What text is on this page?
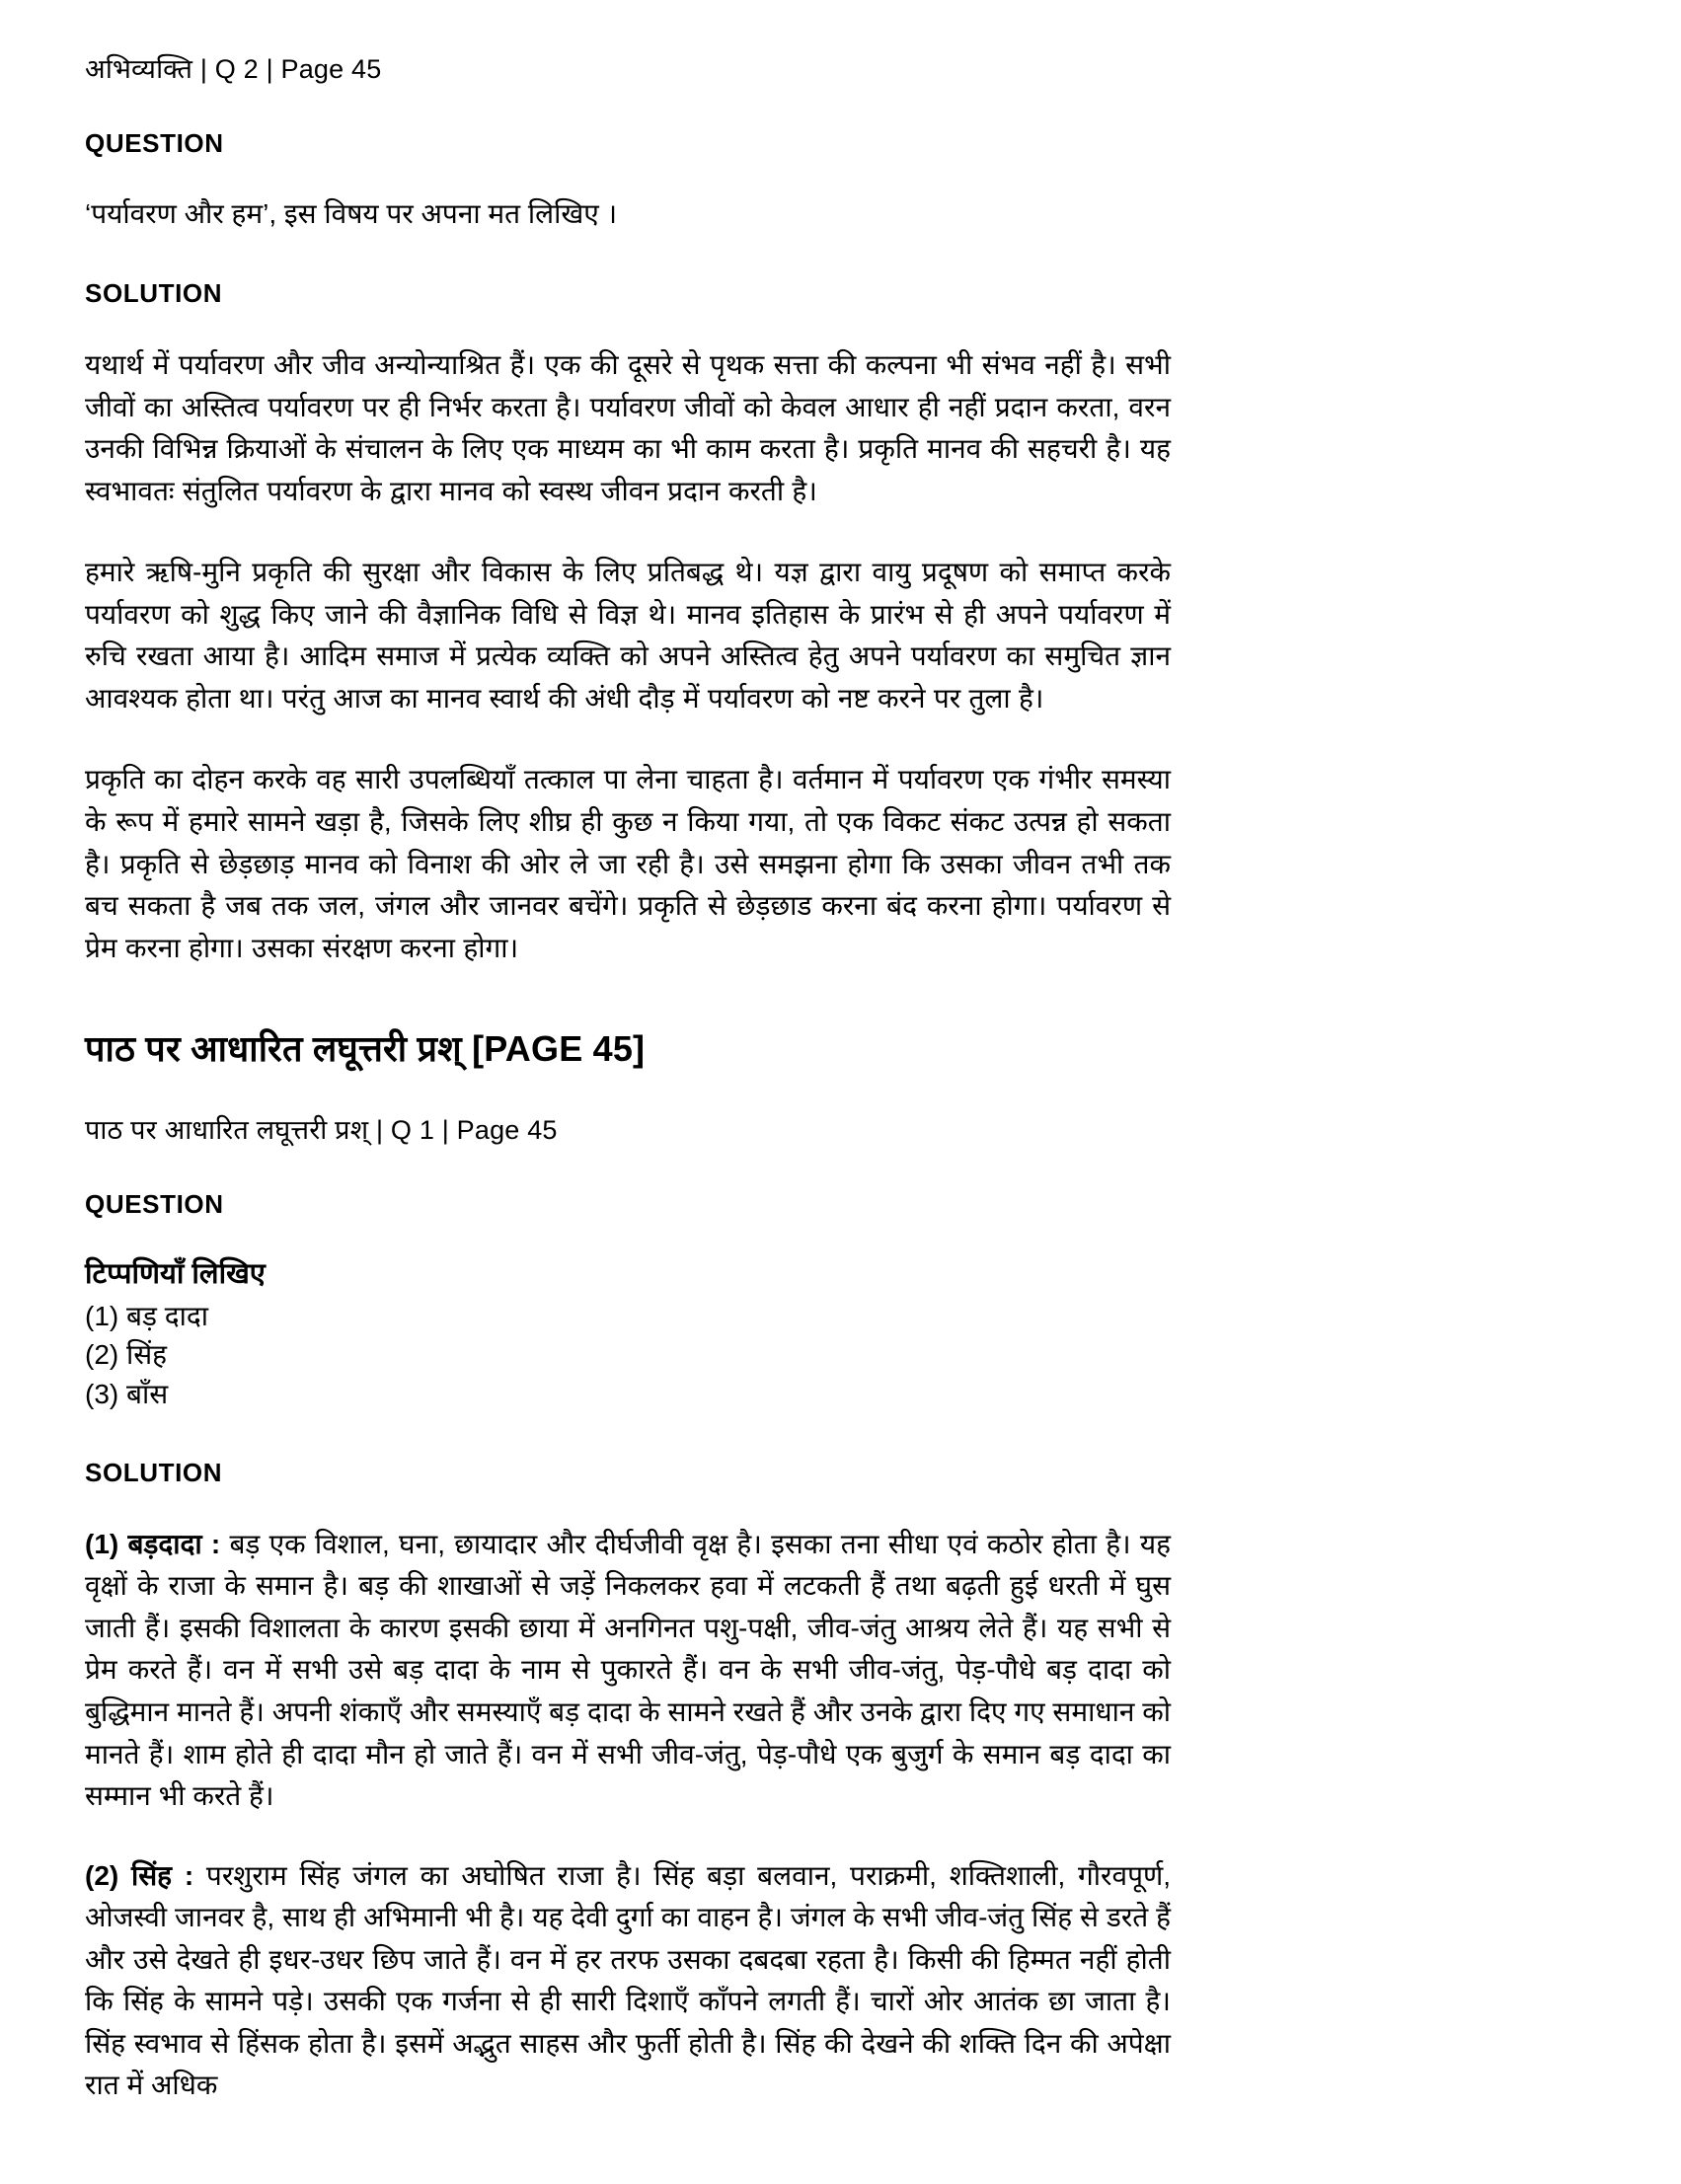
अभिव्यक्ति | Q 2 | Page 45
QUESTION
‘पर्यावरण और हम’, इस विषय पर अपना मत लिखिए ।
SOLUTION

यथार्थ में पर्यावरण और जीव अन्योन्याश्रित हैं। एक की दूसरे से पृथक सत्ता की कल्पना भी संभव नहीं है। सभी जीवों का अस्तित्व पर्यावरण पर ही निर्भर करता है। पर्यावरण जीवों को केवल आधार ही नहीं प्रदान करता, वरन उनकी विभिन्न क्रियाओं के संचालन के लिए एक माध्यम का भी काम करता है। प्रकृति मानव की सहचरी है। यह स्वभावतः संतुलित पर्यावरण के द्वारा मानव को स्वस्थ जीवन प्रदान करती है।

हमारे ऋषि-मुनि प्रकृति की सुरक्षा और विकास के लिए प्रतिबद्ध थे। यज्ञ द्वारा वायु प्रदूषण को समाप्त करके पर्यावरण को शुद्ध किए जाने की वैज्ञानिक विधि से विज्ञ थे। मानव इतिहास के प्रारंभ से ही अपने पर्यावरण में रुचि रखता आया है। आदिम समाज में प्रत्येक व्यक्ति को अपने अस्तित्व हेतु अपने पर्यावरण का समुचित ज्ञान आवश्यक होता था। परंतु आज का मानव स्वार्थ की अंधी दौड़ में पर्यावरण को नष्ट करने पर तुला है।

प्रकृति का दोहन करके वह सारी उपलब्धियाँ तत्काल पा लेना चाहता है। वर्तमान में पर्यावरण एक गंभीर समस्या के रूप में हमारे सामने खड़ा है, जिसके लिए शीघ्र ही कुछ न किया गया, तो एक विकट संकट उत्पन्न हो सकता है। प्रकृति से छेड़छाड़ मानव को विनाश की ओर ले जा रही है। उसे समझना होगा कि उसका जीवन तभी तक बच सकता है जब तक जल, जंगल और जानवर बचेंगे। प्रकृति से छेड़छाड करना बंद करना होगा। पर्यावरण से प्रेम करना होगा। उसका संरक्षण करना होगा।

पाठ पर आधारित लघूत्तरी प्रश् [PAGE 45]
पाठ पर आधारित लघूत्तरी प्रश् | Q 1 | Page 45
QUESTION
टिप्पणियाँ लिखिए
(1) बड़ दादा
(2) सिंह
(3) बाँस
SOLUTION

(1) बड़दादा : बड़ एक विशाल, घना, छायादार और दीर्घजीवी वृक्ष है। इसका तना सीधा एवं कठोर होता है। यह वृक्षों के राजा के समान है। बड़ की शाखाओं से जड़ें निकलकर हवा में लटकती हैं तथा बढ़ती हुई धरती में घुस जाती हैं। इसकी विशालता के कारण इसकी छाया में अनगिनत पशु-पक्षी, जीव-जंतु आश्रय लेते हैं। यह सभी से प्रेम करते हैं। वन में सभी उसे बड़ दादा के नाम से पुकारते हैं। वन के सभी जीव-जंतु, पेड़-पौधे बड़ दादा को बुद्धिमान मानते हैं। अपनी शंकाएँ और समस्याएँ बड़ दादा के सामने रखते हैं और उनके द्वारा दिए गए समाधान को मानते हैं। शाम होते ही दादा मौन हो जाते हैं। वन में सभी जीव-जंतु, पेड़-पौधे एक बुजुर्ग के समान बड़ दादा का सम्मान भी करते हैं।

(2) सिंह : परशुराम सिंह जंगल का अघोषित राजा है। सिंह बड़ा बलवान, पराक्रमी, शक्तिशाली, गौरवपूर्ण, ओजस्वी जानवर है, साथ ही अभिमानी भी है। यह देवी दुर्गा का वाहन है। जंगल के सभी जीव-जंतु सिंह से डरते हैं और उसे देखते ही इधर-उधर छिप जाते हैं। वन में हर तरफ उसका दबदबा रहता है। किसी की हिम्मत नहीं होती कि सिंह के सामने पड़े। उसकी एक गर्जना से ही सारी दिशाएँ काँपने लगती हैं। चारों ओर आतंक छा जाता है। सिंह स्वभाव से हिंसक होता है। इसमें अद्भुत साहस और फुर्ती होती है। सिंह की देखने की शक्ति दिन की अपेक्षा रात में अधिक
